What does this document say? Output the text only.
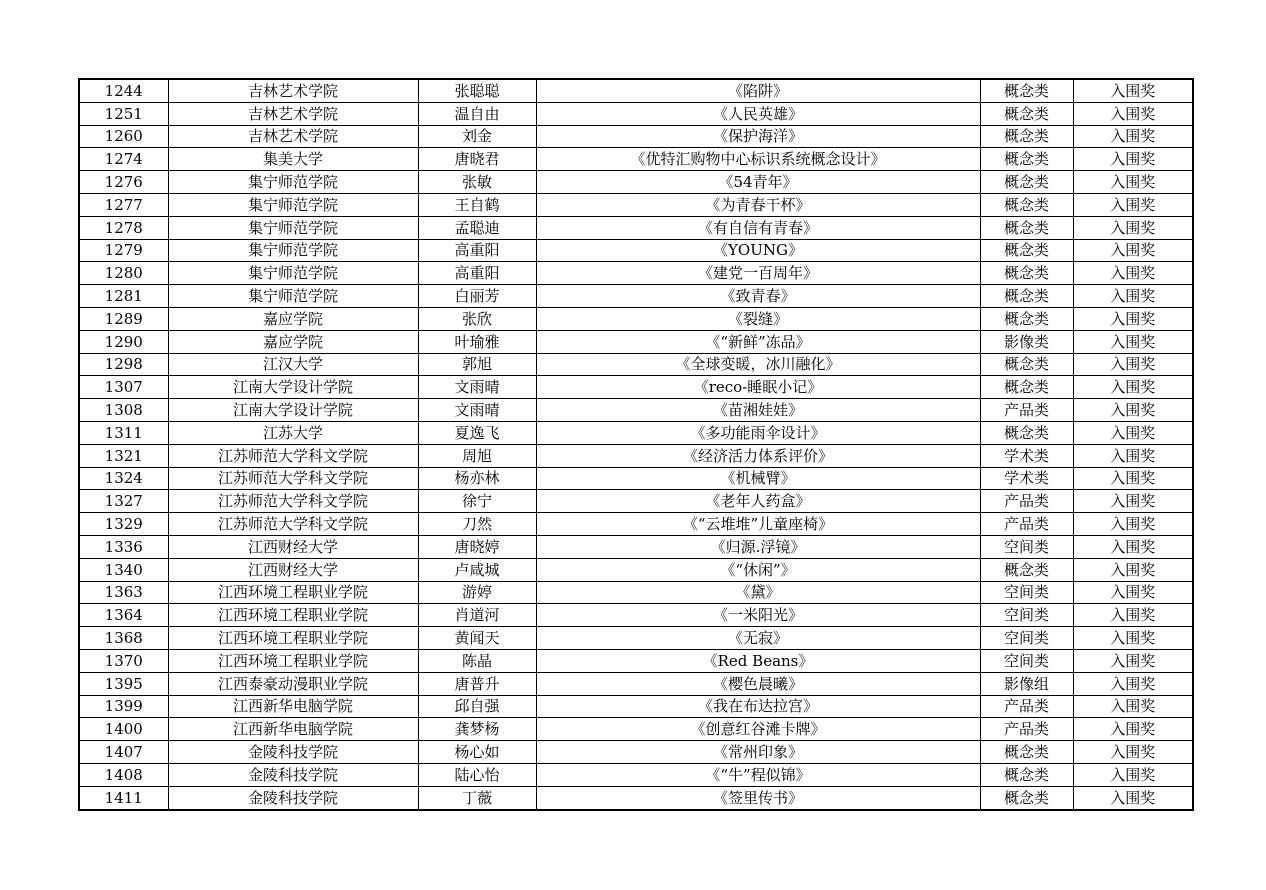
1244	吉林艺术学院	张聪聪	《陷阱》	概念类	入围奖
1251	吉林艺术学院	温自由	《人民英雄》	概念类	入围奖
1260	吉林艺术学院	刘金	《保护海洋》	概念类	入围奖
1274	集美大学	唐晓君	《优特汇购物中心标识系统概念设计》	概念类	入围奖
1276	集宁师范学院	张敏	《54青年》	概念类	入围奖
1277	集宁师范学院	王自鹤	《为青春干杯》	概念类	入围奖
1278	集宁师范学院	孟聪迪	《有自信有青春》	概念类	入围奖
1279	集宁师范学院	高重阳	《YOUNG》	概念类	入围奖
1280	集宁师范学院	高重阳	《建党一百周年》	概念类	入围奖
1281	集宁师范学院	白丽芳	《致青春》	概念类	入围奖
1289	嘉应学院	张欣	《裂缝》	概念类	入围奖
1290	嘉应学院	叶瑜雅	《“新鲜”冻品》	影像类	入围奖
1298	江汉大学	郭旭	《全球变暖，冰川融化》	概念类	入围奖
1307	江南大学设计学院	文雨晴	《reco-睡眠小记》	概念类	入围奖
1308	江南大学设计学院	文雨晴	《苗湘娃娃》	产品类	入围奖
1311	江苏大学	夏逸飞	《多功能雨伞设计》	概念类	入围奖
1321	江苏师范大学科文学院	周旭	《经济活力体系评价》	学术类	入围奖
1324	江苏师范大学科文学院	杨亦林	《机械臂》	学术类	入围奖
1327	江苏师范大学科文学院	徐宁	《老年人药盒》	产品类	入围奖
1329	江苏师范大学科文学院	刀然	《“云堆堆”儿童座椅》	产品类	入围奖
1336	江西财经大学	唐晓婷	《归源.浮镜》	空间类	入围奖
1340	江西财经大学	卢咸城	《“休闲”》	概念类	入围奖
1363	江西环境工程职业学院	游婷	《黛》	空间类	入围奖
1364	江西环境工程职业学院	肖道河	《一米阳光》	空间类	入围奖
1368	江西环境工程职业学院	黄闻天	《无寂》	空间类	入围奖
1370	江西环境工程职业学院	陈晶	《Red Beans》	空间类	入围奖
1395	江西泰豪动漫职业学院	唐普升	《樱色晨曦》	影像组	入围奖
1399	江西新华电脑学院	邱自强	《我在布达拉宫》	产品类	入围奖
1400	江西新华电脑学院	龚梦杨	《创意红谷滩卡牌》	产品类	入围奖
1407	金陵科技学院	杨心如	《常州印象》	概念类	入围奖
1408	金陵科技学院	陆心怡	《“牛”程似锦》	概念类	入围奖
1411	金陵科技学院	丁薇	《签里传书》	概念类	入围奖
